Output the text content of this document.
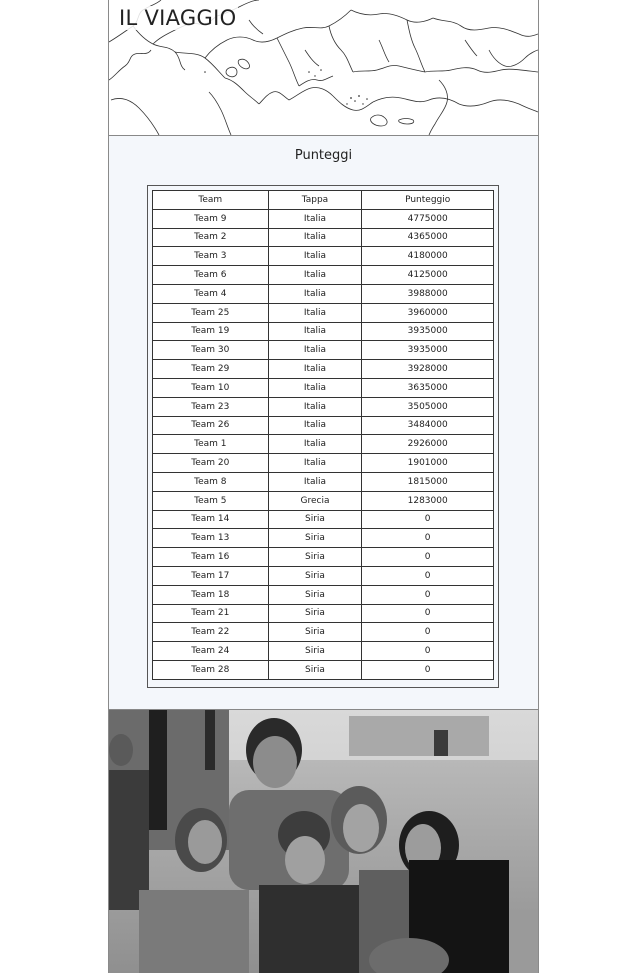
IL VIAGGIO
Punteggi
Team	Tappa	Punteggio
Team 9	Italia	4775000
Team 2	Italia	4365000
Team 3	Italia	4180000
Team 6	Italia	4125000
Team 4	Italia	3988000
Team 25	Italia	3960000
Team 19	Italia	3935000
Team 30	Italia	3935000
Team 29	Italia	3928000
Team 10	Italia	3635000
Team 23	Italia	3505000
Team 26	Italia	3484000
Team 1	Italia	2926000
Team 20	Italia	1901000
Team 8	Italia	1815000
Team 5	Grecia	1283000
Team 14	Siria	0
Team 13	Siria	0
Team 16	Siria	0
Team 17	Siria	0
Team 18	Siria	0
Team 21	Siria	0
Team 22	Siria	0
Team 24	Siria	0
Team 28	Siria	0
